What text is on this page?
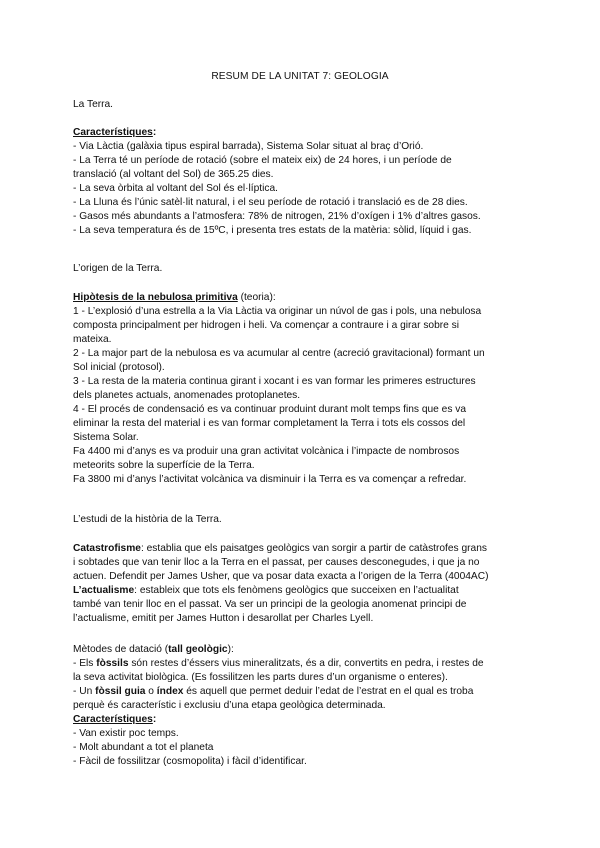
RESUM DE LA UNITAT 7: GEOLOGIA
La Terra.
Característiques:
- Via Làctia (galàxia tipus espiral barrada), Sistema Solar situat al braç d’Orió.
- La Terra té un període de rotació (sobre el mateix eix) de 24 hores, i un període de
translació (al voltant del Sol) de 365.25 dies.
- La seva òrbita al voltant del Sol és el·líptica.
- La Lluna és l’únic satèl·lit natural, i el seu període de rotació i translació es de 28 dies.
- Gasos més abundants a l’atmosfera: 78% de nitrogen, 21% d’oxígen i 1% d’altres gasos.
- La seva temperatura és de 15ºC, i presenta tres estats de la matèria: sòlid, líquid i gas.
L’origen de la Terra.
Hipòtesis de la nebulosa primitiva (teoria):
1 - L’explosió d’una estrella a la Via Làctia va originar un núvol de gas i pols, una nebulosa
composta principalment per hidrogen i heli. Va començar a contraure i a girar sobre si
mateixa.
2 - La major part de la nebulosa es va acumular al centre (acreció gravitacional) formant un
Sol inicial (protosol).
3 - La resta de la materia continua girant i xocant i es van formar les primeres estructures
dels planetes actuals, anomenades protoplanetes.
4 - El procés de condensació es va continuar produint durant molt temps fins que es va
eliminar la resta del material i es van formar completament la Terra i tots els cossos del
Sistema Solar.
Fa 4400 mi d’anys es va produir una gran activitat volcànica i l’impacte de nombrosos
meteorits sobre la superfície de la Terra.
Fa 3800 mi d’anys l’activitat volcànica va disminuir i la Terra es va començar a refredar.
L’estudi de la història de la Terra.
Catastrofisme: establia que els paisatges geològics van sorgir a partir de catàstrofes grans
i sobtades que van tenir lloc a la Terra en el passat, per causes desconegudes, i que ja no
actuen. Defendit per James Usher, que va posar data exacta a l’origen de la Terra (4004AC)
L’actualisme: estableix que tots els fenòmens geològics que succeixen en l’actualitat
també van tenir lloc en el passat. Va ser un principi de la geologia anomenat principi de
l’actualisme, emitit per James Hutton i desarollat per Charles Lyell.
Mètodes de datació (tall geològic):
- Els fòssils són restes d’éssers vius mineralitzats, és a dir, convertits en pedra, i restes de
la seva activitat biològica. (Es fossilitzen les parts dures d’un organisme o enteres).
- Un fòssil guia o índex és aquell que permet deduir l’edat de l’estrat en el qual es troba
perquè és característic i exclusiu d’una etapa geològica determinada.
Característiques:
- Van existir poc temps.
- Molt abundant a tot el planeta
- Fàcil de fossilitzar (cosmopolita) i fàcil d’identificar.
